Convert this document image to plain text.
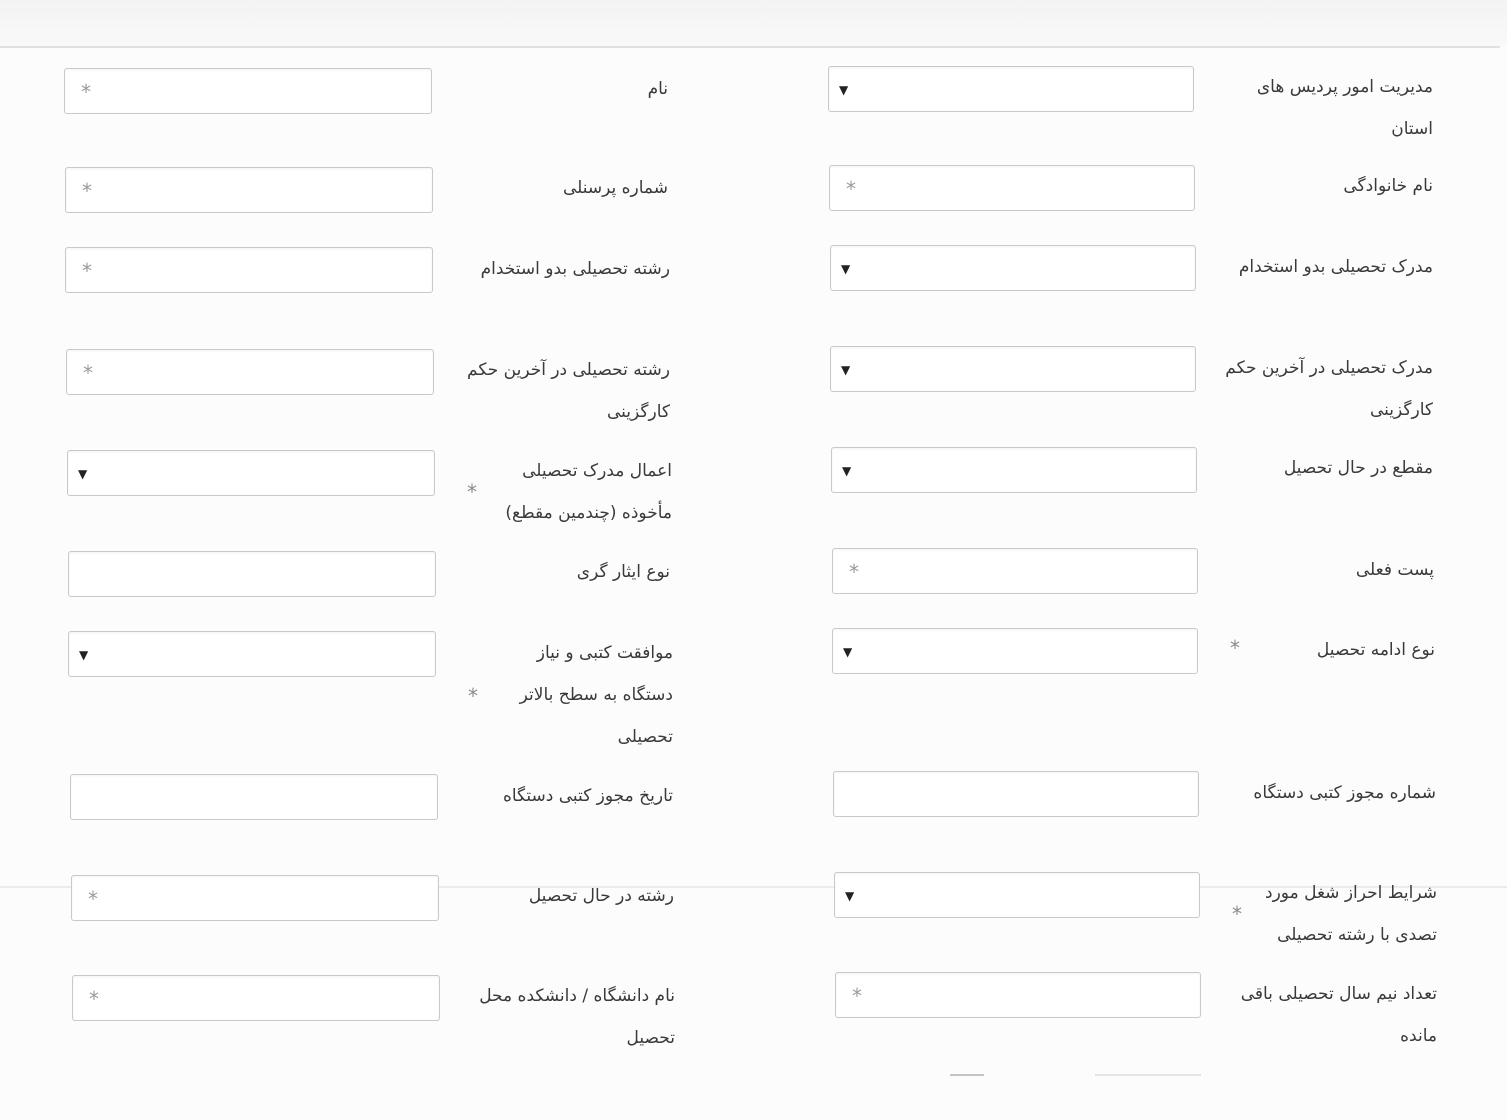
مدیریت امور پردیس های استان
▼
نام
*
نام خانوادگی
*
شماره پرسنلی
*
مدرک تحصیلی بدو استخدام
▼
رشته تحصیلی بدو استخدام
*
مدرک تحصیلی در آخرین حکم کارگزینی
▼
رشته تحصیلی در آخرین حکم کارگزینی
*
مقطع در حال تحصیل
▼
اعمال مدرک تحصیلی مأخوذه (چندمین مقطع)
*
▼
پست فعلی
*
نوع ایثار گری
*	نوع ادامه تحصیل
▼
موافقت کتبی و نیاز دستگاه به سطح بالاتر تحصیلی
*
▼
شماره مجوز کتبی دستگاه
تاریخ مجوز کتبی دستگاه
شرایط احراز شغل مورد تصدی با رشته تحصیلی
*
▼
رشته در حال تحصیل
*
تعداد نیم سال تحصیلی باقی مانده
*
نام دانشگاه / دانشکده محل تحصیل
*
